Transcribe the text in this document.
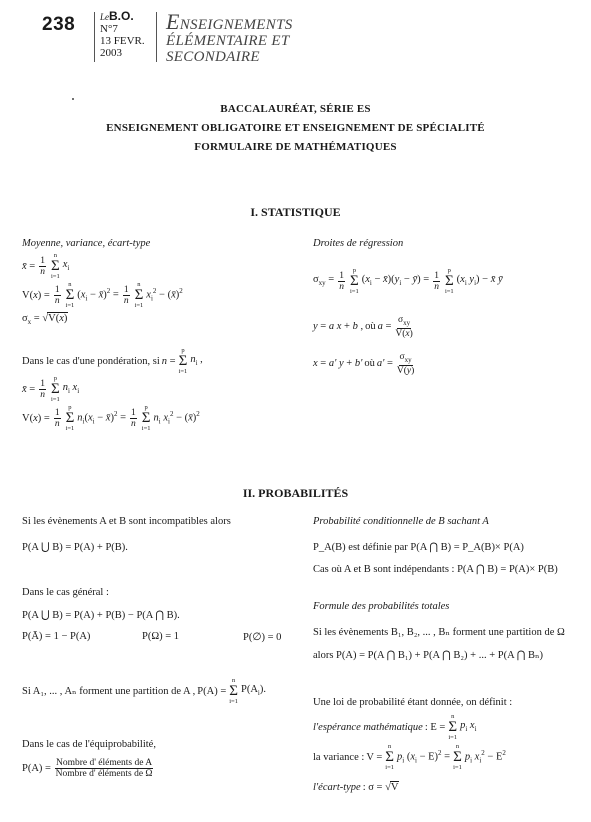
238	LeB.O.
N°7
13 FEVR.
2003
ENSEIGNEMENTS
ÉLÉMENTAIRE ET
SECONDAIRE
BACCALAURÉAT, SÉRIE ES
ENSEIGNEMENT OBLIGATOIRE ET ENSEIGNEMENT DE SPÉCIALITÉ
FORMULAIRE DE MATHÉMATIQUES
I. STATISTIQUE
Moyenne, variance, écart-type
x̄ = $\frac{1}{n}$ n
Σ
i=1
$x_i$
$V(x) = \frac{1}{n}$ n
Σ
i=1
($x_i$ − x̄)$^2$ = $\frac{1}{n}$ n
Σ
i=1
$x_i^2$ − (x̄)$^2$
$\sigma_x = √V(x)$
Dans le cas d'une pondération, si n =
p
Σ
i=1
$n_i$ ,
x̄ = $\frac{1}{n}$ p
Σ
i=1
$n_i$ $x_i$
$V(x) = \frac{1}{n}$ p
Σ
i=1
$n_i(x_i$ − x̄)$^2$ = $\frac{1}{n}$ p
Σ
i=1
$n_i$ $x_i^2$ − (x̄)$^2$
Droites de régression
$\sigma_{xy} = \frac{1}{n}$ p
Σ
i=1
($x_i$ − $x̄)(y_i$ − ȳ) = $\frac{1}{n}$ p
Σ
i=1
($x_i$ $y_i$) − x̄ ȳ
y = a x + b , où $a = \frac{\sigma_{xy}}{V(x)}$
x = a' y + b' où $a' = \frac{\sigma_{xy}}{V(y)}$
II. PROBABILITÉS
Si les évènements A et B sont incompatibles alors
P(A ⋃ B) = P(A) + P(B).
Dans le cas général :
P(A ⋃ B) = P(A) + P(B) − P(A ⋂ B).
P(Ā) = 1 − P(A)	P(Ω) = 1	P(∅) = 0
Si A₁, ... , Aₙ forment une partition de A , P(A) =
n
Σ
i=1
$P(A_i)$.
Dans le cas de l'équiprobabilité,
$P(A) = \frac{\text{Nombre d' éléments de A}}{\text{Nombre d' éléments de Ω}}$
Probabilité conditionnelle de B sachant A
P_A(B) est définie par P(A ⋂ B) = P_A(B)× P(A)
Cas où A et B sont indépendants : P(A ⋂ B) = P(A)× P(B)
Formule des probabilités totales
Si les évènements B₁, B₂, ... , Bₙ forment une partition de Ω
alors P(A) = P(A ⋂ B₁) + P(A ⋂ B₂) + ... + P(A ⋂ Bₙ)
Une loi de probabilité étant donnée, on définit :
l'espérance mathématique : E =
n
Σ
i=1
$p_i$ $x_i$
la variance : V =
n
Σ
i=1
$p_i$ $(x_i - E)^2$ =
n
Σ
i=1
$p_i$ $x_i^2 - E^2$
l'écart-type : σ = √V
